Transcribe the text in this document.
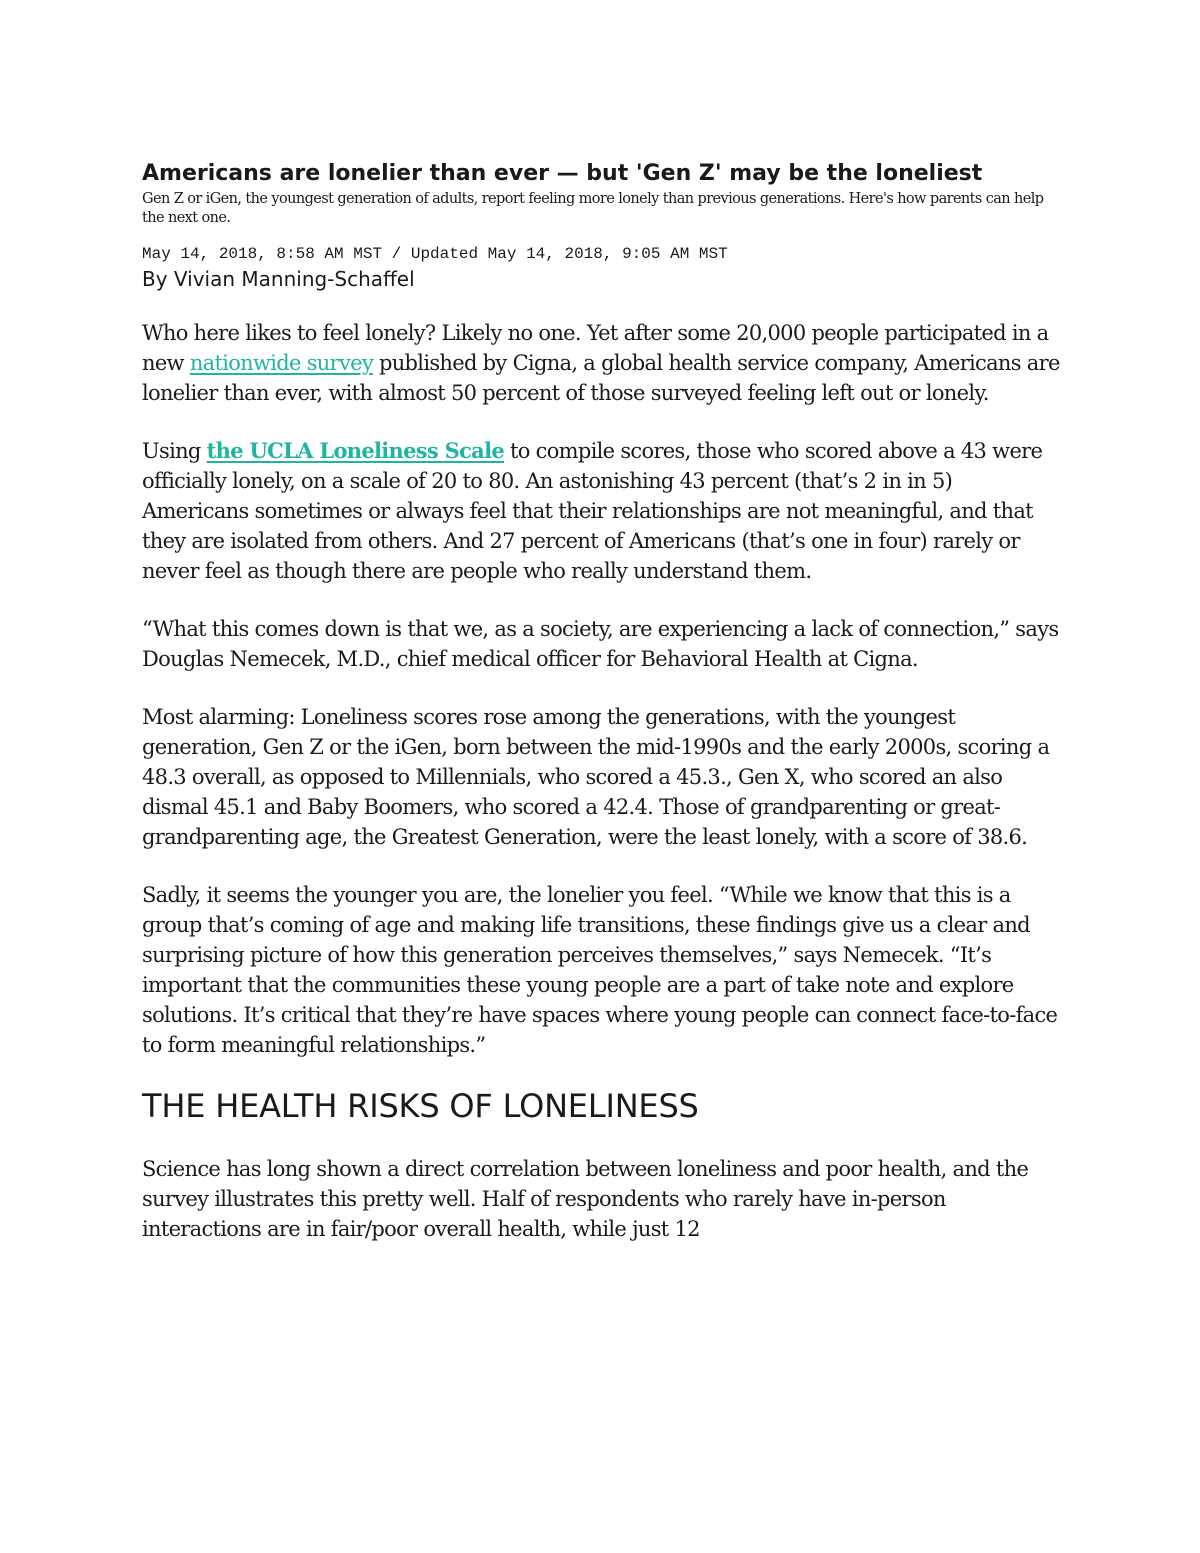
Americans are lonelier than ever — but 'Gen Z' may be the loneliest

Gen Z or iGen, the youngest generation of adults, report feeling more lonely than previous generations. Here's how parents can help the next one.

May 14, 2018, 8:58 AM MST / Updated May 14, 2018, 9:05 AM MST

By Vivian Manning-Schaffel

Who here likes to feel lonely? Likely no one. Yet after some 20,000 people participated in a new nationwide survey published by Cigna, a global health service company, Americans are lonelier than ever, with almost 50 percent of those surveyed feeling left out or lonely.

Using the UCLA Loneliness Scale to compile scores, those who scored above a 43 were officially lonely, on a scale of 20 to 80. An astonishing 43 percent (that’s 2 in in 5) Americans sometimes or always feel that their relationships are not meaningful, and that they are isolated from others. And 27 percent of Americans (that’s one in four) rarely or never feel as though there are people who really understand them.

“What this comes down is that we, as a society, are experiencing a lack of connection,” says Douglas Nemecek, M.D., chief medical officer for Behavioral Health at Cigna.

Most alarming: Loneliness scores rose among the generations, with the youngest generation, Gen Z or the iGen, born between the mid-1990s and the early 2000s, scoring a 48.3 overall, as opposed to Millennials, who scored a 45.3., Gen X, who scored an also dismal 45.1 and Baby Boomers, who scored a 42.4. Those of grandparenting or great-grandparenting age, the Greatest Generation, were the least lonely, with a score of 38.6.

Sadly, it seems the younger you are, the lonelier you feel. “While we know that this is a group that’s coming of age and making life transitions, these findings give us a clear and surprising picture of how this generation perceives themselves,” says Nemecek. “It’s important that the communities these young people are a part of take note and explore solutions. It’s critical that they’re have spaces where young people can connect face-to-face to form meaningful relationships.”

THE HEALTH RISKS OF LONELINESS

Science has long shown a direct correlation between loneliness and poor health, and the survey illustrates this pretty well. Half of respondents who rarely have in-person interactions are in fair/poor overall health, while just 12
